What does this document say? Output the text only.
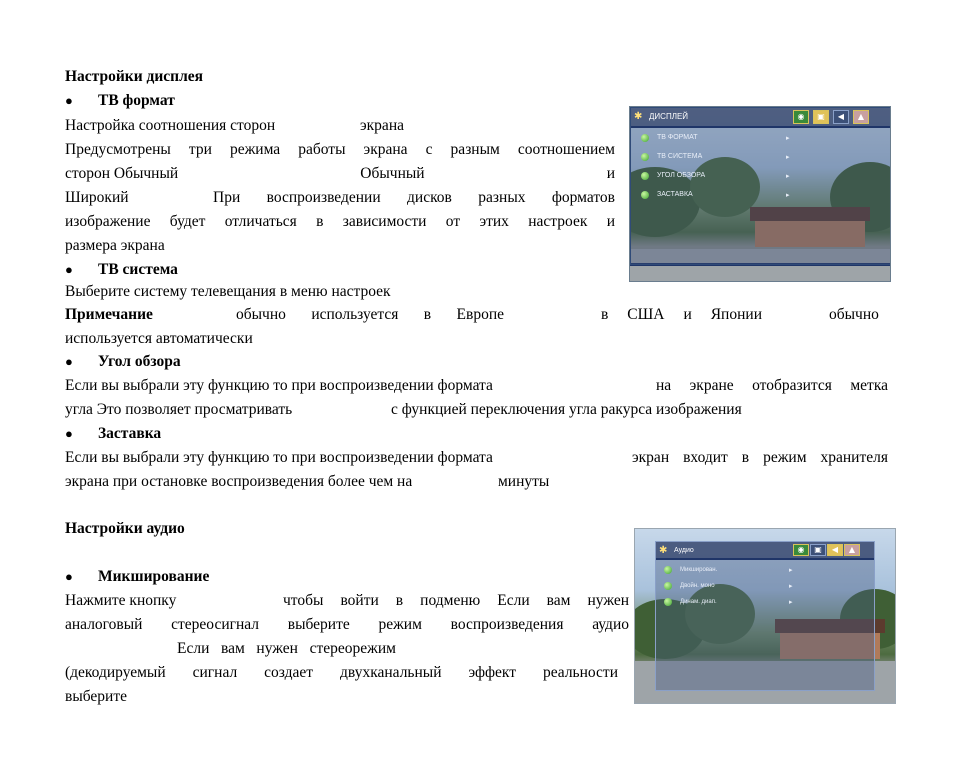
Настройки дисплея
● ТВ формат
Настройка соотношения сторон	экрана
Предусмотрены три режима работы экрана с разным соотношением
сторон Обычный	Обычный	и
Широкий	При воспроизведении дисков разных форматов
изображение будет отличаться в зависимости от этих настроек и
размера экрана
● ТВ система
Выберите систему телевещания в меню настроек
Примечание	обычно используется в Европе	в США и Японии	обычно
используется автоматически
● Угол обзора
Если вы выбрали эту функцию то при воспроизведении формата	на экране отобразится метка
угла Это позволяет просматривать	с функцией переключения угла ракурса изображения
● Заставка
Если вы выбрали эту функцию то при воспроизведении формата	экран входит в режим хранителя
экрана при остановке воспроизведения более чем на	минуты
Настройки аудио
● Микширование
Нажмите кнопку	чтобы войти в подменю Если вам нужен
аналоговый стереосигнал выберите режим воспроизведения аудио
Если   вам   нужен   стереорежим
(декодируемый сигнал создает двухканальный эффект реальности
выберите
✱ ДИСПЛЕЙ	◉	▣	◀	▲
ТВ ФОРМАТ	▸
ТВ СИСТЕМА	▸
УГОЛ ОБЗОРА	▸
ЗАСТАВКА	▸
✱ Аудио	◉	▣	◀	▲
Микширован.	▸
Двойн. моно	▸
Динам. диап.	▸
